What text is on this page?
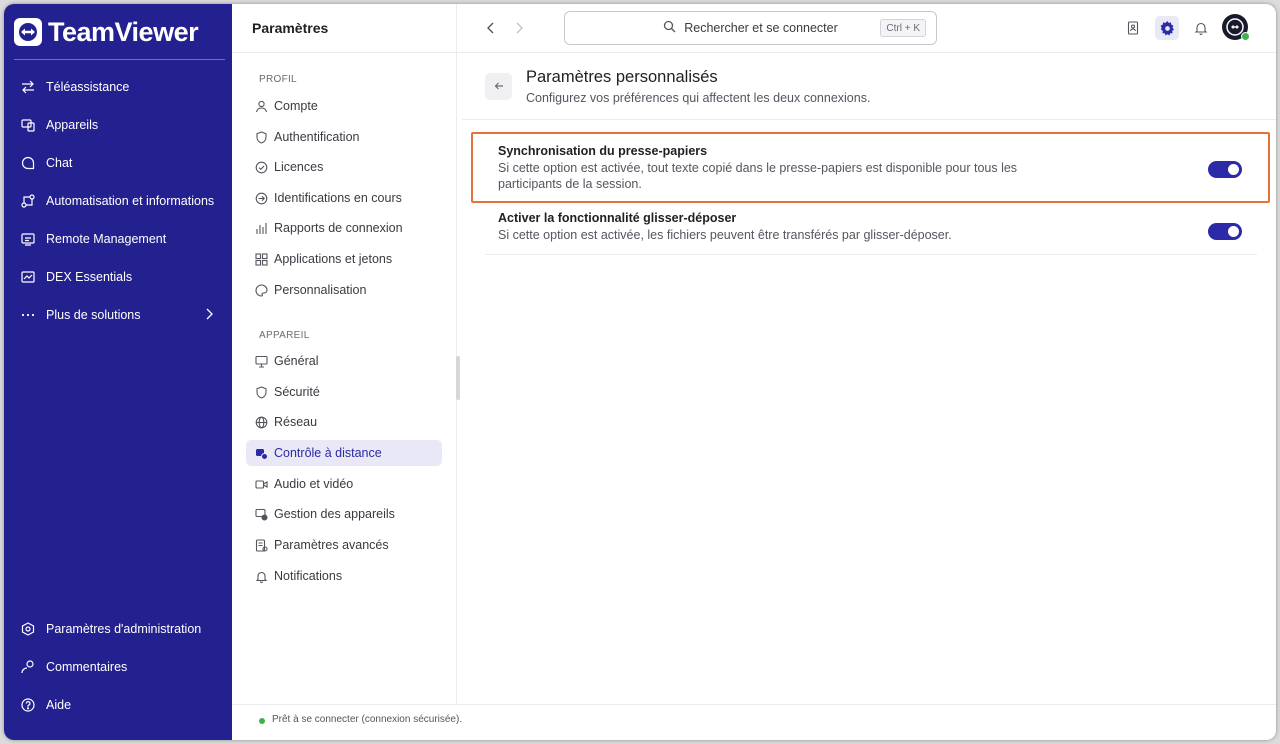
TeamViewer
Téléassistance
Appareils
Chat
Automatisation et informations
Remote Management
DEX Essentials
Plus de solutions
Paramètres d'administration
Commentaires
Aide
Paramètres
PROFIL
Compte
Authentification
Licences
Identifications en cours
Rapports de connexion
Applications et jetons
Personnalisation
APPAREIL
Général
Sécurité
Réseau
Contrôle à distance
Audio et vidéo
Gestion des appareils
Paramètres avancés
Notifications
Rechercher et se connecter	Ctrl + K
Paramètres personnalisés
Configurez vos préférences qui affectent les deux connexions.
Synchronisation du presse-papiers
Si cette option est activée, tout texte copié dans le presse-papiers est disponible pour tous les participants de la session.
Activer la fonctionnalité glisser-déposer
Si cette option est activée, les fichiers peuvent être transférés par glisser-déposer.
Prêt à se connecter (connexion sécurisée).
